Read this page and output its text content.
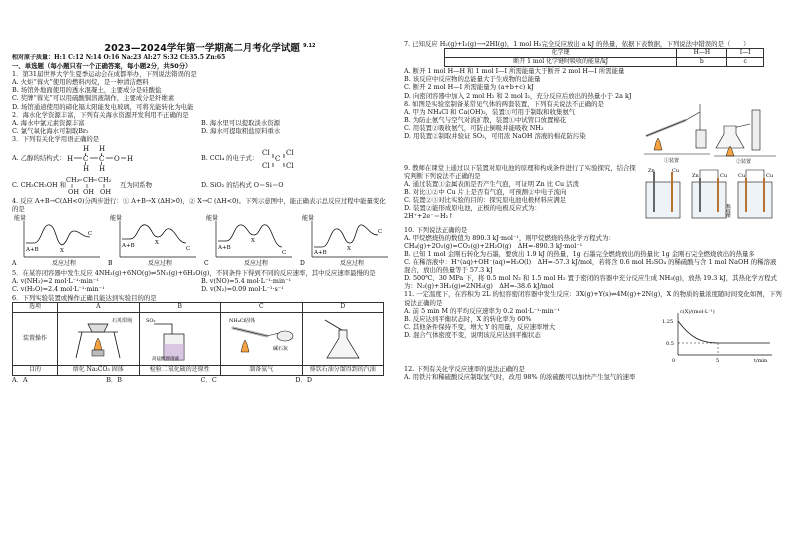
2023—2024学年第一学期高二月考化学试题 $^{9.12}$
相对原子质量：H:1 C:12 N:14 O:16 Na:23 Al:27 S:32 Cl:35.5 Zn:65
一、单选题（每小题只有一个正确答案，每小题2分，共50分）
1．第31届世界大学生夏季运动会在成都举办，下列说法错误的是
A. 火炬“蓉火”使用的燃料丙烷，是一种清洁燃料
B. 场馆外地面使用的透水混凝土，主要成分是硅酸盐
C. 奖牌“蓉光”可以用硫酸铜溶液制作，主要成分是纤维素
D. 场馆通道使用的碲化镉太阳能发电玻璃，可将光能转化为电能
2．海水化学资源丰富，下列有关海水资源开发利用不正确的是
A. 海水中氯元素资源丰富	B. 海水里可以提取淡水资源
C. 氯气氧化海水可制取Br₂	D. 海水可提取粗盐原料重水
3．下列有关化学用语正确的是
A. 乙醇的结构式： H C C O H
H H
H H
B. CCl₄ 的电子式：
Cl Cl
C
Cl Cl
C. CH₃CH₂OH 和
CH₂ CH CH₂
OH OH OH
互为同系物	D. SiO₂ 的结构式 O＝Si＝O
4. 反应 A+B→C(ΔH<0)分两步进行：① A+B→X (ΔH>0)，② X→C (ΔH<0)。下列示意图中，能正确表示总反应过程中能量变化的是
能量
A+B	X
C
反应过程
A
能量
A+B	X
C
反应过程
B
能量
A+B
X
C
反应过程
C
能量
A+B
X
C
反应过程
D
5．在某容闭容器中发生反应 4NH₃(g)+6NO(g)⇌5N₂(g)+6H₂O(g)，不同条件下得到不同的反应速率，其中反应速率最慢的是
A. v(NH₃)=2 mol·L⁻¹·min⁻¹	B. v(NO)=5.4 mol·L⁻¹·min⁻¹
C. v(H₂O)=2.4 mol·L⁻¹·min⁻¹	D. v(N₂)=0.09 mol·L⁻¹·s⁻¹
6．下列实验装置或操作正确且能达到实验目的的是
选项	A	B	C	D
装置操作	石英坩埚	SO₂
高锰酸钾溶液	NH₄Cl固体
碱石灰

目的	熔化 Na₂CO₃ 固体	检验二氧化硫的还原性	制备氨气	排饮石油分馏得到的汽油
A．A	B．B	C．C	D．D
7. 已知反应 H₂(g)+I₂(g)⟶2HI(g)，1 mol H₂完全反应放出 a kJ 的热量，依据下表数据，下列说法中错误的是（　　）
化学键	H—H	I—I
断开 1 mol 化学键时吸收的能量/kJ	b	c
A. 断开 1 mol H—H 和 1 mol I—I 所需能量大于断开 2 mol H—I 所需能量
B. 该反应中反应物的总能量大于生成物的总能量
C. 断开 2 mol H—I 所需能量为 (a+b+c) kJ
D. 向密闭容器中加入 2 mol H₂ 和 2 mol I₂，充分反应后放出的热量小于 2a kJ
8. 如图是实验室制备某常见气体的两套装置，下列有关说法不正确的是
A. 甲为 NH₄Cl 和 Ca(OH)₂，装置①可用于制取和收集氨气
B. 为防止氨气与空气对流扩散，装置①中试管口放置棉花
C. 用装置②吸收氨气，可防止倒吸并能吸收 NH₃
D. 用装置②制取并验证 SO₂，可用浓 NaOH 溶液的棉花防污染
①装置	②装置
9. 教师在课堂上通过以下装置对原电池的原理和构成条件进行了实验探究，结合探究判断下列说法不正确的是
A. 通过装置①金属表面是否产生气泡，可证明 Zn 比 Cu 活泼
B. 对比①②中 Cu 片上是否有气泡，可预测②中电子流向
C. 装置②③对比实验的目的：探究原电池电极材料应满足
D. 装置②能形成原电池，正极的电极反应式为：
2H⁺+2e⁻＝H₂↑
Zn	Cu
Zn	Cu Cu	Cu
稀硫酸
10. 下列说法正确的是
A. 甲烷燃烧热的数值为 890.3 kJ·mol⁻¹，则甲烷燃烧的热化学方程式为：
CH₄(g)+2O₂(g)=CO₂(g)+2H₂O(g)　ΔH=-890.3 kJ·mol⁻¹
B. 已知 1 mol 金刚石转化为石墨，要放出 1.9 kJ 的热量，1g 石墨完全燃烧放出的热量比 1g 金刚石完全燃烧放出的热量多
C. 在稀溶液中：H⁺(aq)+OH⁻(aq)=H₂O(l)　ΔH=-57.3 kJ/mol，若将含 0.6 mol H₂SO₄ 的稀硫酸与含 1 mol NaOH 的稀溶液混合，放出的热量等于 57.3 kJ
D. 500℃、30 MPa 下，将 0.5 mol N₂ 和 1.5 mol H₂ 置于密闭的容器中充分反应生成 NH₃(g)，放热 19.3 kJ，其热化学方程式为：N₂(g)+3H₂(g)⇌2NH₃(g)　ΔH=-38.6 kJ/mol
11. 一定温度下，在容积为 2L 的恒容密闭容器中发生反应：3X(g)+Y(s)⇌4M(g)+2N(g)，X 的物质的量浓度随时间变化如图，下列说法正确的是
A. 前 5 min M 的平均反应速率为 0.2 mol·L⁻¹·min⁻¹
B. 反应达到平衡状态时，X 的转化率为 60%
C. 其他条件保持不变，增大 Y 的用量，反应速率增大
D. 混合气体密度不变，说明该反应达到平衡状态
c(X)/(mol·L⁻¹)
1.25
0.5
0	5	t/min
12. 下列有关化学反应速率的说法正确的是
A. 用铁片和稀硫酸反应制取氢气时，改用 98% 的浓硫酸可以加快产生氢气的速率
